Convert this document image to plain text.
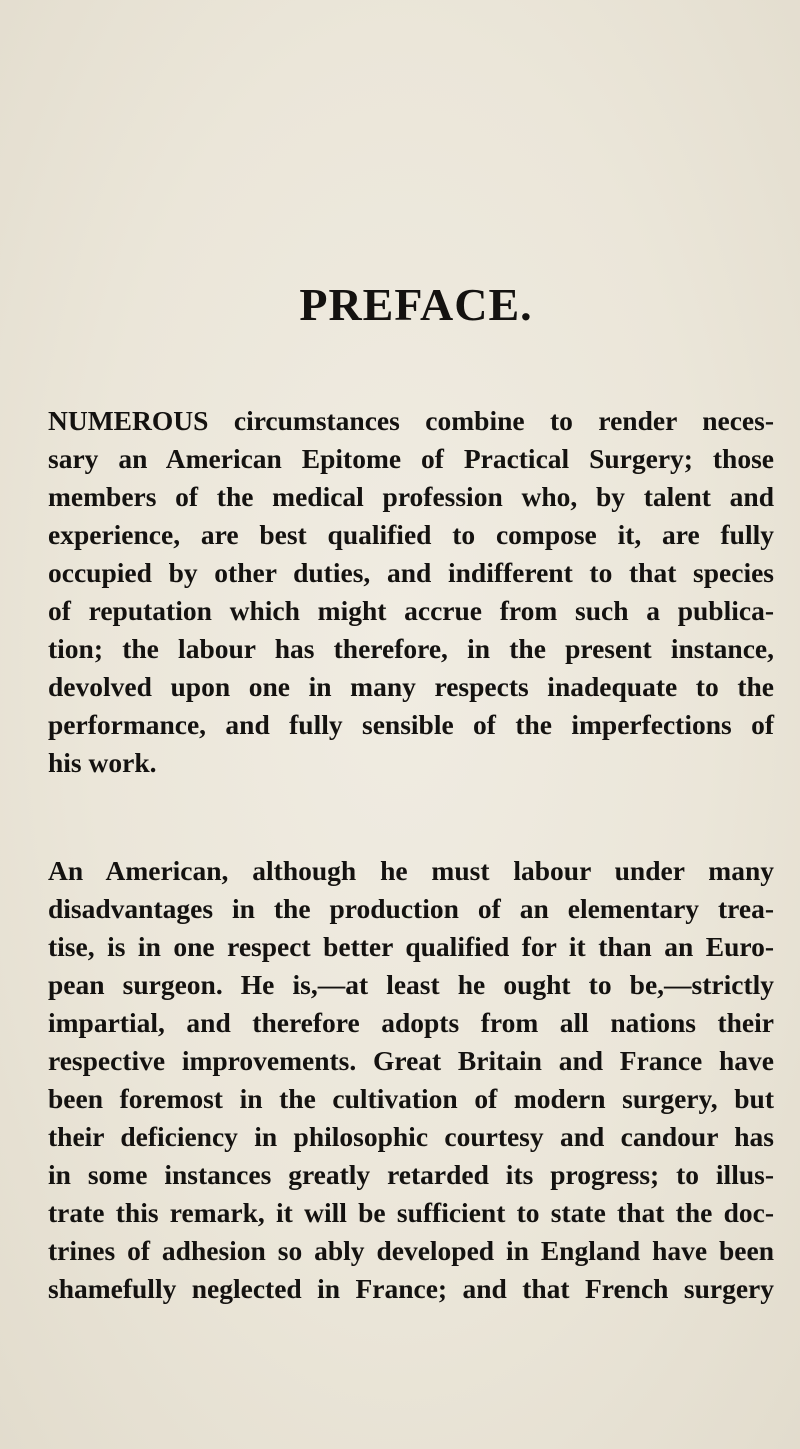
PREFACE.
NUMEROUS circumstances combine to render neces-
sary an American Epitome of Practical Surgery; those
members of the medical profession who, by talent and
experience, are best qualified to compose it, are fully
occupied by other duties, and indifferent to that species
of reputation which might accrue from such a publica-
tion; the labour has therefore, in the present instance,
devolved upon one in many respects inadequate to the
performance, and fully sensible of the imperfections of
his work.
An American, although he must labour under many
disadvantages in the production of an elementary trea-
tise, is in one respect better qualified for it than an Euro-
pean surgeon. He is,—at least he ought to be,—strictly
impartial, and therefore adopts from all nations their
respective improvements. Great Britain and France have
been foremost in the cultivation of modern surgery, but
their deficiency in philosophic courtesy and candour has
in some instances greatly retarded its progress; to illus-
trate this remark, it will be sufficient to state that the doc-
trines of adhesion so ably developed in England have been
shamefully neglected in France; and that French surgery
